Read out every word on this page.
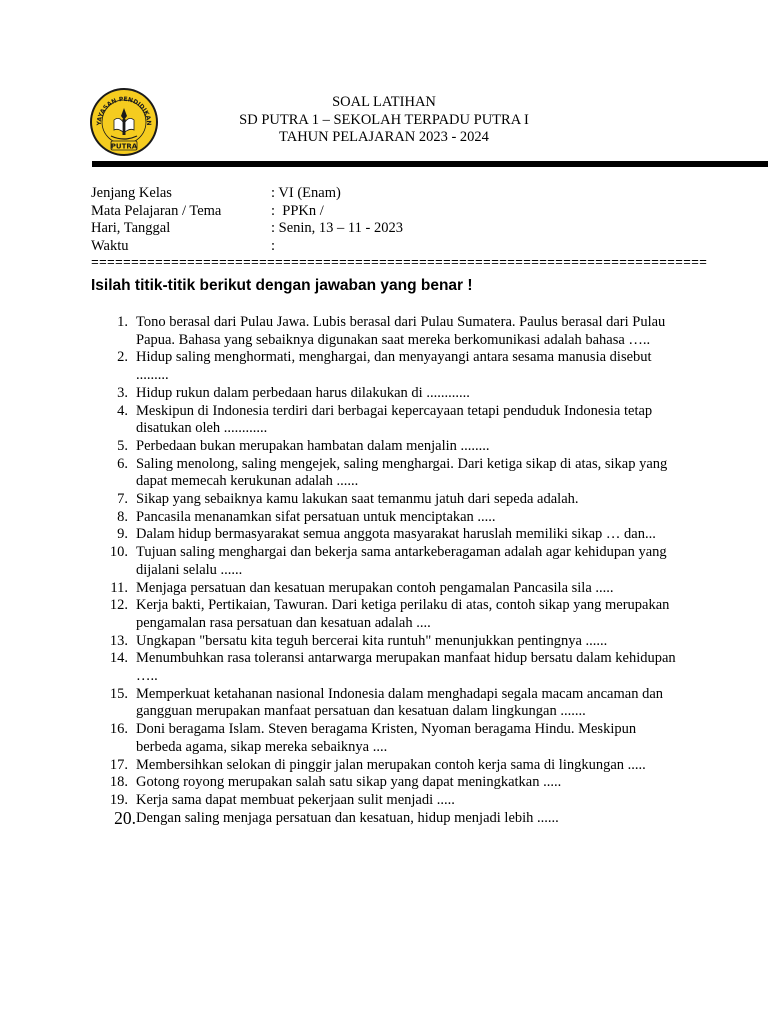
YAYASAN PENDIDIKAN
PUTRA
SOAL LATIHAN
SD PUTRA 1 – SEKOLAH TERPADU PUTRA I
TAHUN PELAJARAN 2023 - 2024
Jenjang Kelas	: VI (Enam)
Mata Pelajaran / Tema	:  PPKn /
Hari, Tanggal	: Senin, 13 – 11 - 2023
Waktu	:
=============================================================================
Isilah titik-titik berikut dengan jawaban yang benar !
1. Tono berasal dari Pulau Jawa. Lubis berasal dari Pulau Sumatera. Paulus berasal dari Pulau Papua. Bahasa yang sebaiknya digunakan saat mereka berkomunikasi adalah bahasa …..
2. Hidup saling menghormati, menghargai, dan menyayangi antara sesama manusia disebut .........
3. Hidup rukun dalam perbedaan harus dilakukan di ............
4. Meskipun di Indonesia terdiri dari berbagai kepercayaan tetapi penduduk Indonesia tetap disatukan oleh ............
5. Perbedaan bukan merupakan hambatan dalam menjalin ........
6. Saling menolong, saling mengejek, saling menghargai. Dari ketiga sikap di atas, sikap yang dapat memecah kerukunan adalah ......
7. Sikap yang sebaiknya kamu lakukan saat temanmu jatuh dari sepeda adalah.
8. Pancasila menanamkan sifat persatuan untuk menciptakan .....
9. Dalam hidup bermasyarakat semua anggota masyarakat haruslah memiliki sikap … dan...
10. Tujuan saling menghargai dan bekerja sama antarkeberagaman adalah agar kehidupan yang dijalani selalu ......
11. Menjaga persatuan dan kesatuan merupakan contoh pengamalan Pancasila sila .....
12. Kerja bakti, Pertikaian, Tawuran. Dari ketiga perilaku di atas, contoh sikap yang merupakan pengamalan rasa persatuan dan kesatuan adalah ....
13. Ungkapan "bersatu kita teguh bercerai kita runtuh" menunjukkan pentingnya ......
14. Menumbuhkan rasa toleransi antarwarga merupakan manfaat hidup bersatu dalam kehidupan …..
15. Memperkuat ketahanan nasional Indonesia dalam menghadapi segala macam ancaman dan gangguan merupakan manfaat persatuan dan kesatuan dalam lingkungan .......
16. Doni beragama Islam. Steven beragama Kristen, Nyoman beragama Hindu. Meskipun berbeda agama, sikap mereka sebaiknya ....
17. Membersihkan selokan di pinggir jalan merupakan contoh kerja sama di lingkungan .....
18. Gotong royong merupakan salah satu sikap yang dapat meningkatkan .....
19. Kerja sama dapat membuat pekerjaan sulit menjadi .....
20. Dengan saling menjaga persatuan dan kesatuan, hidup menjadi lebih ......
